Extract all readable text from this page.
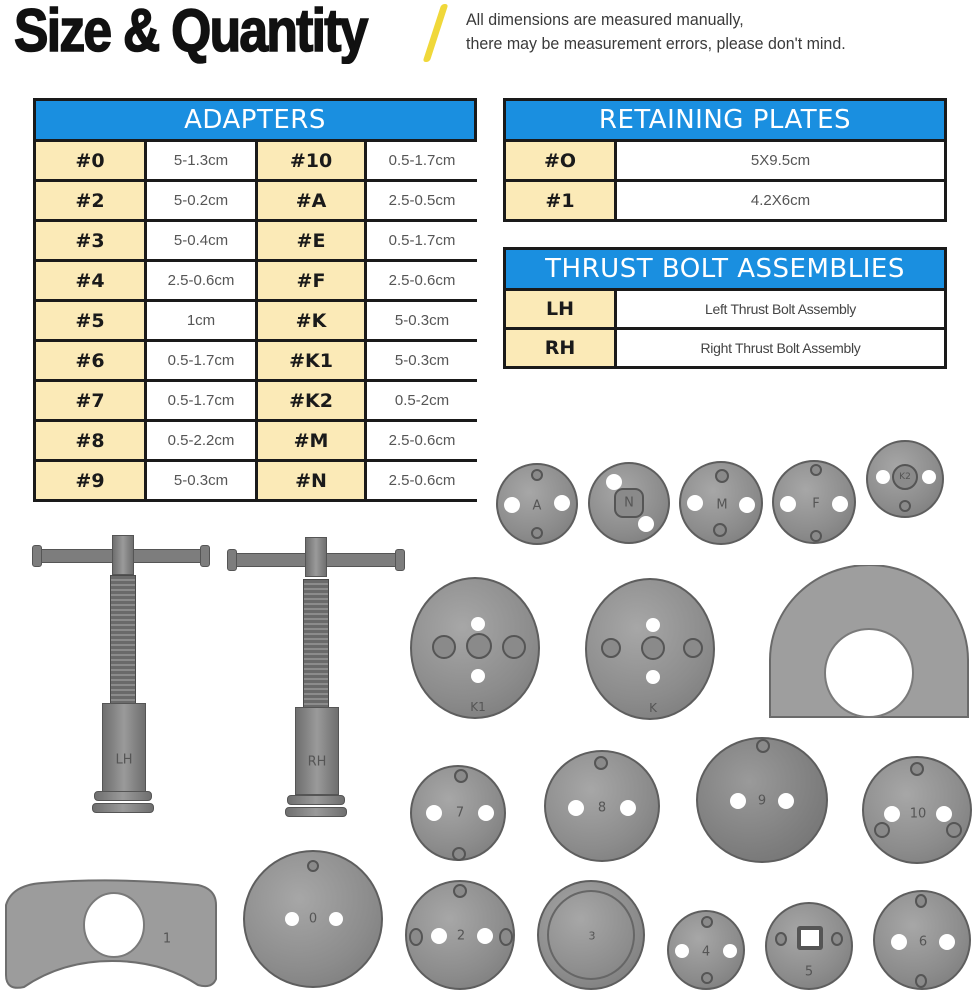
Size & Quantity	All dimensions are measured manually,
there may be measurement errors, please don't mind.
ADAPTERS
#0	5-1.3cm	#10	0.5-1.7cm
#2	5-0.2cm	#A	2.5-0.5cm
#3	5-0.4cm	#E	0.5-1.7cm
#4	2.5-0.6cm	#F	2.5-0.6cm
#5	1cm	#K	5-0.3cm
#6	0.5-1.7cm	#K1	5-0.3cm
#7	0.5-1.7cm	#K2	0.5-2cm
#8	0.5-2.2cm	#M	2.5-0.6cm
#9	5-0.3cm	#N	2.5-0.6cm
RETAINING PLATES
#O	5X9.5cm
#1	4.2X6cm
THRUST BOLT ASSEMBLIES
LH	Left Thrust Bolt Assembly
RH	Right Thrust Bolt Assembly
LH	RH
A	N	M	F
K2
K1	K
7	8	9
10
1
0
2	3
4
5
6
